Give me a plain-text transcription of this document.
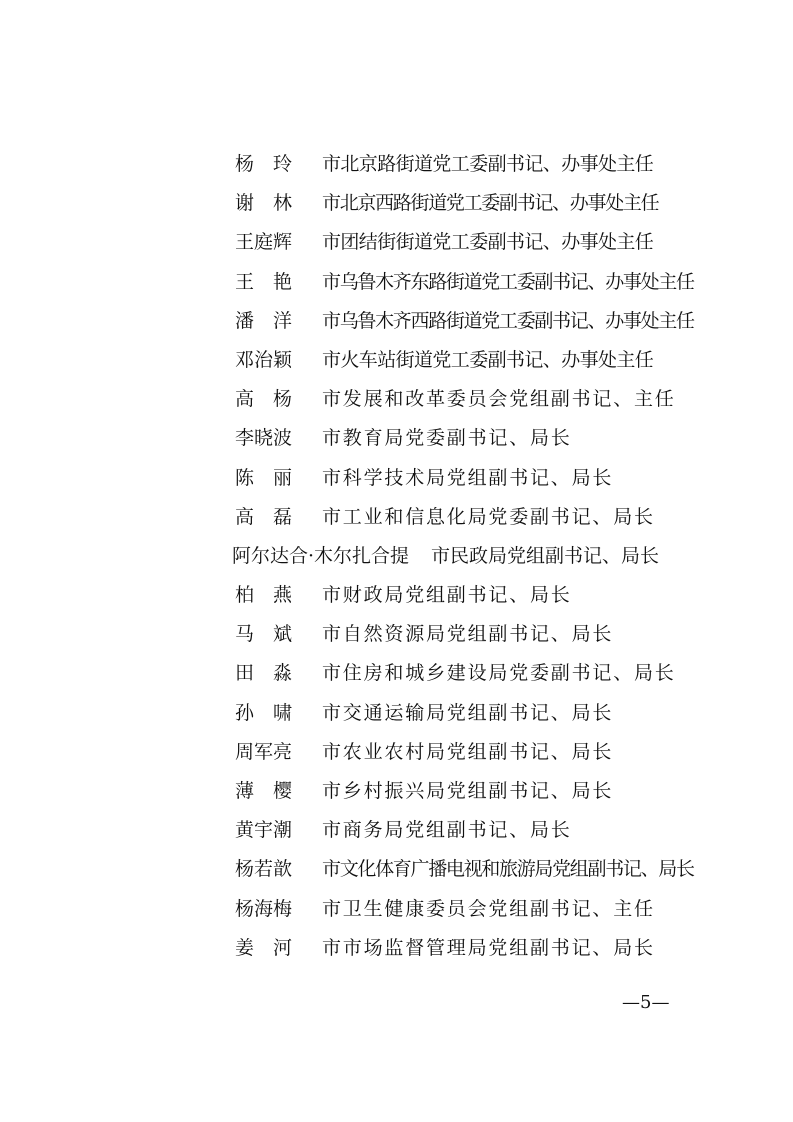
杨　玲	市北京路街道党工委副书记、办事处主任
谢　林	市北京西路街道党工委副书记、办事处主任
王庭辉	市团结街街道党工委副书记、办事处主任
王　艳	市乌鲁木齐东路街道党工委副书记、办事处主任
潘　洋	市乌鲁木齐西路街道党工委副书记、办事处主任
邓治颖	市火车站街道党工委副书记、办事处主任
高　杨	市发展和改革委员会党组副书记、主任
李晓波	市教育局党委副书记、局长
陈　丽	市科学技术局党组副书记、局长
高　磊	市工业和信息化局党委副书记、局长
阿尔达合·木尔扎合提 市民政局党组副书记、局长
柏　燕	市财政局党组副书记、局长
马　斌	市自然资源局党组副书记、局长
田　淼	市住房和城乡建设局党委副书记、局长
孙　啸	市交通运输局党组副书记、局长
周军亮	市农业农村局党组副书记、局长
薄　樱	市乡村振兴局党组副书记、局长
黄宇潮	市商务局党组副书记、局长
杨若歆	市文化体育广播电视和旅游局党组副书记、局长
杨海梅	市卫生健康委员会党组副书记、主任
姜　河	市市场监督管理局党组副书记、局长
—5—
